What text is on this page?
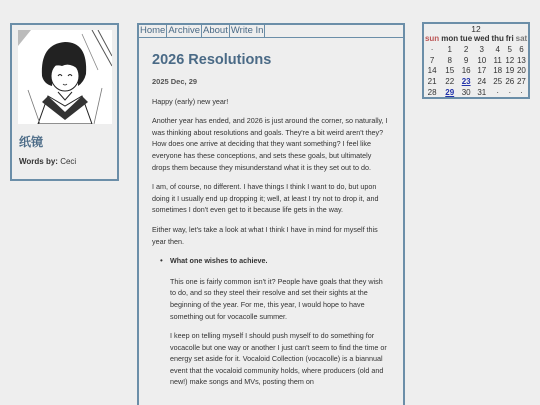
纸镜
Words by: Ceci
Home Archive About Write In
2026 Resolutions
2025 Dec, 29

Happy (early) new year!

Another year has ended, and 2026 is just around the corner, so naturally, I was thinking about resolutions and goals. They're a bit weird aren't they? How does one arrive at deciding that they want something? I feel like everyone has these conceptions, and sets these goals, but ultimately drops them because they misunderstand what it is they set out to do.

I am, of course, no different. I have things I think I want to do, but upon doing it I usually end up dropping it; well, at least I try not to drop it, and sometimes I don't even get to it because life gets in the way.

Either way, let's take a look at what I think I have in mind for myself this year then.

• What one wishes to achieve.

This one is fairly common isn't it? People have goals that they wish to do, and so they steel their resolve and set their sights at the beginning of the year. For me, this year, I would hope to have something out for vocacolle summer.

I keep on telling myself I should push myself to do something for vocacolle but one way or another I just can't seem to find the time or energy set aside for it. Vocaloid Collection (vocacolle) is a biannual event that the vocaloid community holds, where producers (old and new!) make songs and MVs, posting them on

12
sun	mon	tue	wed	thu	fri	sat
·	1	2	3	4	5	6
7	8	9	10	11	12	13
14	15	16	17	18	19	20
21	22	23	24	25	26	27
28	29	30	31	·	·	·
